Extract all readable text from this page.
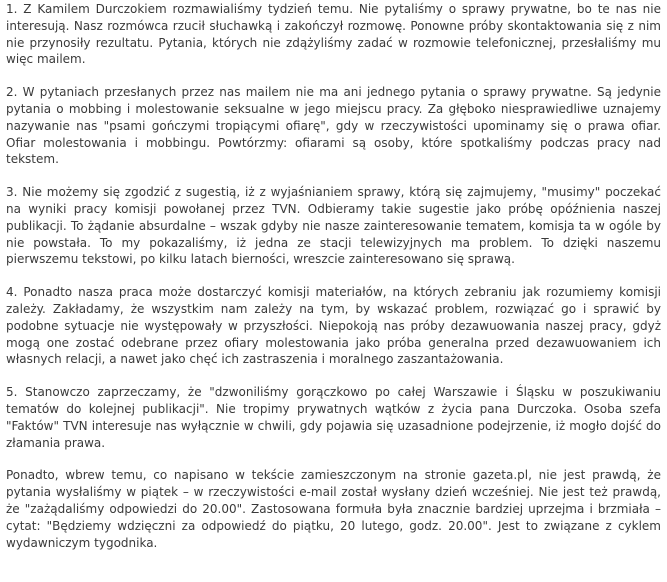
1. Z Kamilem Durczokiem rozmawialiśmy tydzień temu. Nie pytaliśmy o sprawy prywatne, bo te nas nie interesują. Nasz rozmówca rzucił słuchawką i zakończył rozmowę. Ponowne próby skontaktowania się z nim nie przynosiły rezultatu. Pytania, których nie zdążyliśmy zadać w rozmowie telefonicznej, przesłaliśmy mu więc mailem.

2. W pytaniach przesłanych przez nas mailem nie ma ani jednego pytania o sprawy prywatne. Są jedynie pytania o mobbing i molestowanie seksualne w jego miejscu pracy. Za głęboko niesprawiedliwe uznajemy nazywanie nas "psami gończymi tropiącymi ofiarę", gdy w rzeczywistości upominamy się o prawa ofiar. Ofiar molestowania i mobbingu. Powtórzmy: ofiarami są osoby, które spotkaliśmy podczas pracy nad tekstem.

3. Nie możemy się zgodzić z sugestią, iż z wyjaśnianiem sprawy, którą się zajmujemy, "musimy" poczekać na wyniki pracy komisji powołanej przez TVN. Odbieramy takie sugestie jako próbę opóźnienia naszej publikacji. To żądanie absurdalne – wszak gdyby nie nasze zainteresowanie tematem, komisja ta w ogóle by nie powstała. To my pokazaliśmy, iż jedna ze stacji telewizyjnych ma problem. To dzięki naszemu pierwszemu tekstowi, po kilku latach bierności, wreszcie zainteresowano się sprawą.

4. Ponadto nasza praca może dostarczyć komisji materiałów, na których zebraniu jak rozumiemy komisji zależy. Zakładamy, że wszystkim nam zależy na tym, by wskazać problem, rozwiązać go i sprawić by podobne sytuacje nie występowały w przyszłości. Niepokoją nas próby dezawuowania naszej pracy, gdyż mogą one zostać odebrane przez ofiary molestowania jako próba generalna przed dezawuowaniem ich własnych relacji, a nawet jako chęć ich zastraszenia i moralnego zaszantażowania.

5. Stanowczo zaprzeczamy, że "dzwoniliśmy gorączkowo po całej Warszawie i Śląsku w poszukiwaniu tematów do kolejnej publikacji". Nie tropimy prywatnych wątków z życia pana Durczoka. Osoba szefa "Faktów" TVN interesuje nas wyłącznie w chwili, gdy pojawia się uzasadnione podejrzenie, iż mogło dojść do złamania prawa.

Ponadto, wbrew temu, co napisano w tekście zamieszczonym na stronie gazeta.pl, nie jest prawdą, że pytania wysłaliśmy w piątek – w rzeczywistości e-mail został wysłany dzień wcześniej. Nie jest też prawdą, że "zażądaliśmy odpowiedzi do 20.00". Zastosowana formuła była znacznie bardziej uprzejma i brzmiała – cytat: "Będziemy wdzięczni za odpowiedź do piątku, 20 lutego, godz. 20.00". Jest to związane z cyklem wydawniczym tygodnika.
